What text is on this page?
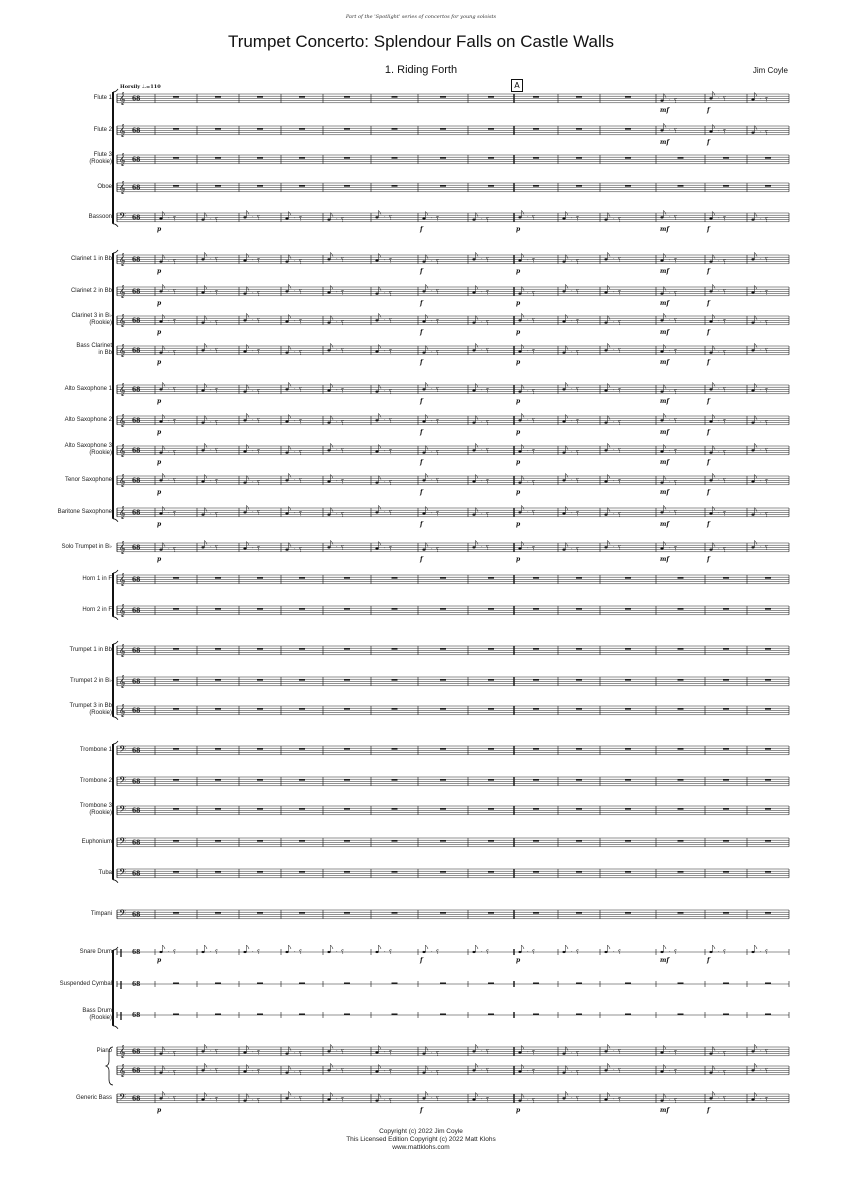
Part of the 'Spotlight' series of concertos for young soloists
Trumpet Concerto: Splendour Falls on Castle Walls
1. Riding Forth	Jim Coyle
Horsily ♩.=110	A
Flute 1
Flute 2
Flute 3
(Rookie)
Oboe
Bassoon
Clarinet 1 in Bb
Clarinet 2 in Bb
Clarinet 3 in B♭
(Rookie)
Bass Clarinet
in Bb
Alto Saxophone 1
Alto Saxophone 2
Alto Saxophone 3
(Rookie)
Tenor Saxophone
Baritone Saxophone
Solo Trumpet in B♭
Horn 1 in F
Horn 2 in F
Trumpet 1 in Bb
Trumpet 2 in B♭
Trumpet 3 in Bb
(Rookie)
Trombone 1
Trombone 2
Trombone 3
(Rookie)
Euphonium
Tuba
Timpani
Snare Drum
Suspended Cymbal
Bass Drum
(Rookie)
Piano
Generic Bass
𝄞 68	‧ ⸮	‧ ⸮	‧ ⸮
mf	f
𝄞 68	‧ ⸮	‧ ⸮	‧ ⸮
mf	f
𝄞 68
𝄞 68
𝄢 68	‧ ⸮	‧ ⸮	‧ ⸮	‧ ⸮	‧ ⸮	‧ ⸮	‧ ⸮	‧ ⸮	‧ ⸮	‧ ⸮	‧ ⸮	‧ ⸮	‧ ⸮	‧ ⸮
p	f	p	mf	f
𝄞 68	‧ ⸮	‧ ⸮	‧ ⸮	‧ ⸮	‧ ⸮	‧ ⸮	‧ ⸮	‧ ⸮	‧ ⸮	‧ ⸮	‧ ⸮	‧ ⸮	‧ ⸮	‧ ⸮
p	f	p	mf	f
𝄞 68	‧ ⸮	‧ ⸮	‧ ⸮	‧ ⸮	‧ ⸮	‧ ⸮	‧ ⸮	‧ ⸮	‧ ⸮	‧ ⸮	‧ ⸮	‧ ⸮	‧ ⸮	‧ ⸮
p	f	p	mf	f
𝄞 68	‧ ⸮	‧ ⸮	‧ ⸮	‧ ⸮	‧ ⸮	‧ ⸮	‧ ⸮	‧ ⸮	‧ ⸮	‧ ⸮	‧ ⸮	‧ ⸮	‧ ⸮	‧ ⸮
p	f	p	mf	f
𝄞 68	‧ ⸮	‧ ⸮	‧ ⸮	‧ ⸮	‧ ⸮	‧ ⸮	‧ ⸮	‧ ⸮	‧ ⸮	‧ ⸮	‧ ⸮	‧ ⸮	‧ ⸮	‧ ⸮
p	f	p	mf	f
𝄞 68	‧ ⸮	‧ ⸮	‧ ⸮	‧ ⸮	‧ ⸮	‧ ⸮	‧ ⸮	‧ ⸮	‧ ⸮	‧ ⸮	‧ ⸮	‧ ⸮	‧ ⸮	‧ ⸮
p	f	p	mf	f
𝄞 68	‧ ⸮	‧ ⸮	‧ ⸮	‧ ⸮	‧ ⸮	‧ ⸮	‧ ⸮	‧ ⸮	‧ ⸮	‧ ⸮	‧ ⸮	‧ ⸮	‧ ⸮	‧ ⸮
p	f	p	mf	f
𝄞 68	‧ ⸮	‧ ⸮	‧ ⸮	‧ ⸮	‧ ⸮	‧ ⸮	‧ ⸮	‧ ⸮	‧ ⸮	‧ ⸮	‧ ⸮	‧ ⸮	‧ ⸮	‧ ⸮
p	f	p	mf	f
𝄞 68	‧ ⸮	‧ ⸮	‧ ⸮	‧ ⸮	‧ ⸮	‧ ⸮	‧ ⸮	‧ ⸮	‧ ⸮	‧ ⸮	‧ ⸮	‧ ⸮	‧ ⸮	‧ ⸮
p	f	p	mf	f
𝄞 68	‧ ⸮	‧ ⸮	‧ ⸮	‧ ⸮	‧ ⸮	‧ ⸮	‧ ⸮	‧ ⸮	‧ ⸮	‧ ⸮	‧ ⸮	‧ ⸮	‧ ⸮	‧ ⸮
p	f	p	mf	f
𝄞 68	‧ ⸮	‧ ⸮	‧ ⸮	‧ ⸮	‧ ⸮	‧ ⸮	‧ ⸮	‧ ⸮	‧ ⸮	‧ ⸮	‧ ⸮	‧ ⸮	‧ ⸮	‧ ⸮
p	f	p	mf	f
𝄞 68
𝄞 68
𝄞 68
𝄞 68
𝄞 68
𝄢 68
𝄢 68
𝄢 68
𝄢 68
𝄢 68
𝄢 68
‖ 68	‧ ⸮	‧ ⸮	‧ ⸮	‧ ⸮	‧ ⸮	‧ ⸮	‧ ⸮	‧ ⸮	‧ ⸮	‧ ⸮	‧ ⸮	‧ ⸮	‧ ⸮	‧ ⸮
p	f	p	mf	f
‖ 68
‖ 68
𝄞 68	‧ ⸮	‧ ⸮	‧ ⸮	‧ ⸮	‧ ⸮	‧ ⸮	‧ ⸮	‧ ⸮	‧ ⸮	‧ ⸮	‧ ⸮	‧ ⸮	‧ ⸮	‧ ⸮
𝄞 68	‧ ⸮	‧ ⸮	‧ ⸮	‧ ⸮	‧ ⸮	‧ ⸮	‧ ⸮	‧ ⸮	‧ ⸮	‧ ⸮	‧ ⸮	‧ ⸮	‧ ⸮	‧ ⸮
𝄢 68	‧ ⸮	‧ ⸮	‧ ⸮	‧ ⸮	‧ ⸮	‧ ⸮	‧ ⸮	‧ ⸮	‧ ⸮	‧ ⸮	‧ ⸮	‧ ⸮	‧ ⸮	‧ ⸮
p	f	p	mf	f
Copyright (c) 2022 Jim Coyle
This Licensed Edition Copyright (c) 2022 Matt Klohs
www.mattklohs.com
